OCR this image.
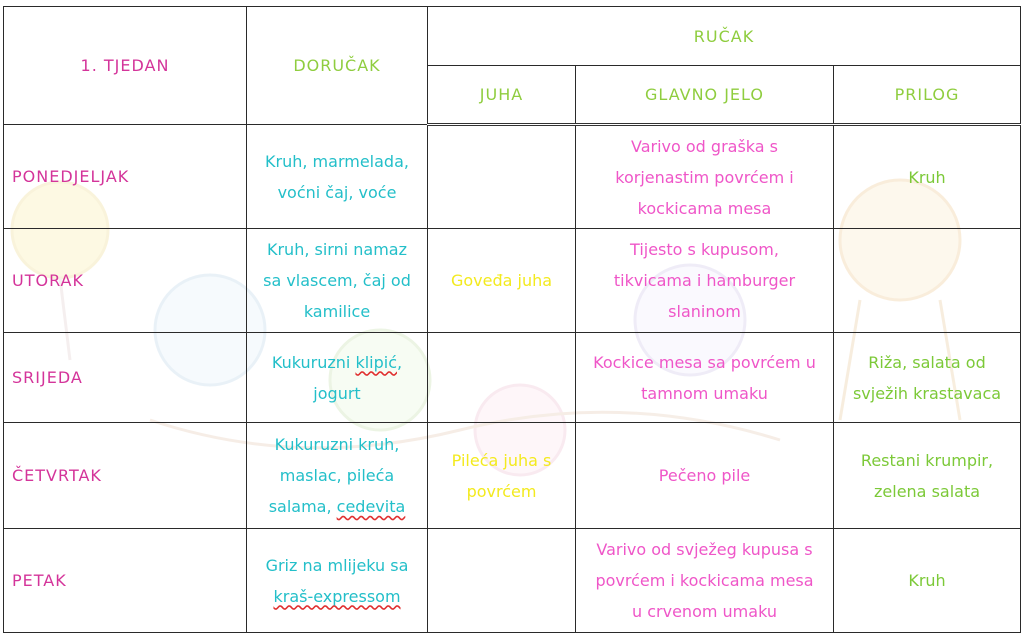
1. TJEDAN	DORUČAK	RUČAK		
		JUHA	GLAVNO JELO	PRILOG
PONEDJELJAK	Kruh, marmelada,
voćni čaj, voće		Varivo od graška s
korjenastim povrćem i
kockicama mesa	Kruh
UTORAK	Kruh, sirni namaz
sa vlascem, čaj od
kamilice	Goveđa juha	Tijesto s kupusom,
tikvicama i hamburger
slaninom	
SRIJEDA	Kukuruzni klipić,
jogurt		Kockice mesa sa povrćem u
tamnom umaku	Riža, salata od
svježih krastavaca
ČETVRTAK	Kukuruzni kruh,
maslac, pileća
salama, cedevita	Pileća juha s
povrćem	Pečeno pile	Restani krumpir,
zelena salata
PETAK	Griz na mlijeku sa
kraš-expressom		Varivo od svježeg kupusa s
povrćem i kockicama mesa
u crvenom umaku	Kruh
